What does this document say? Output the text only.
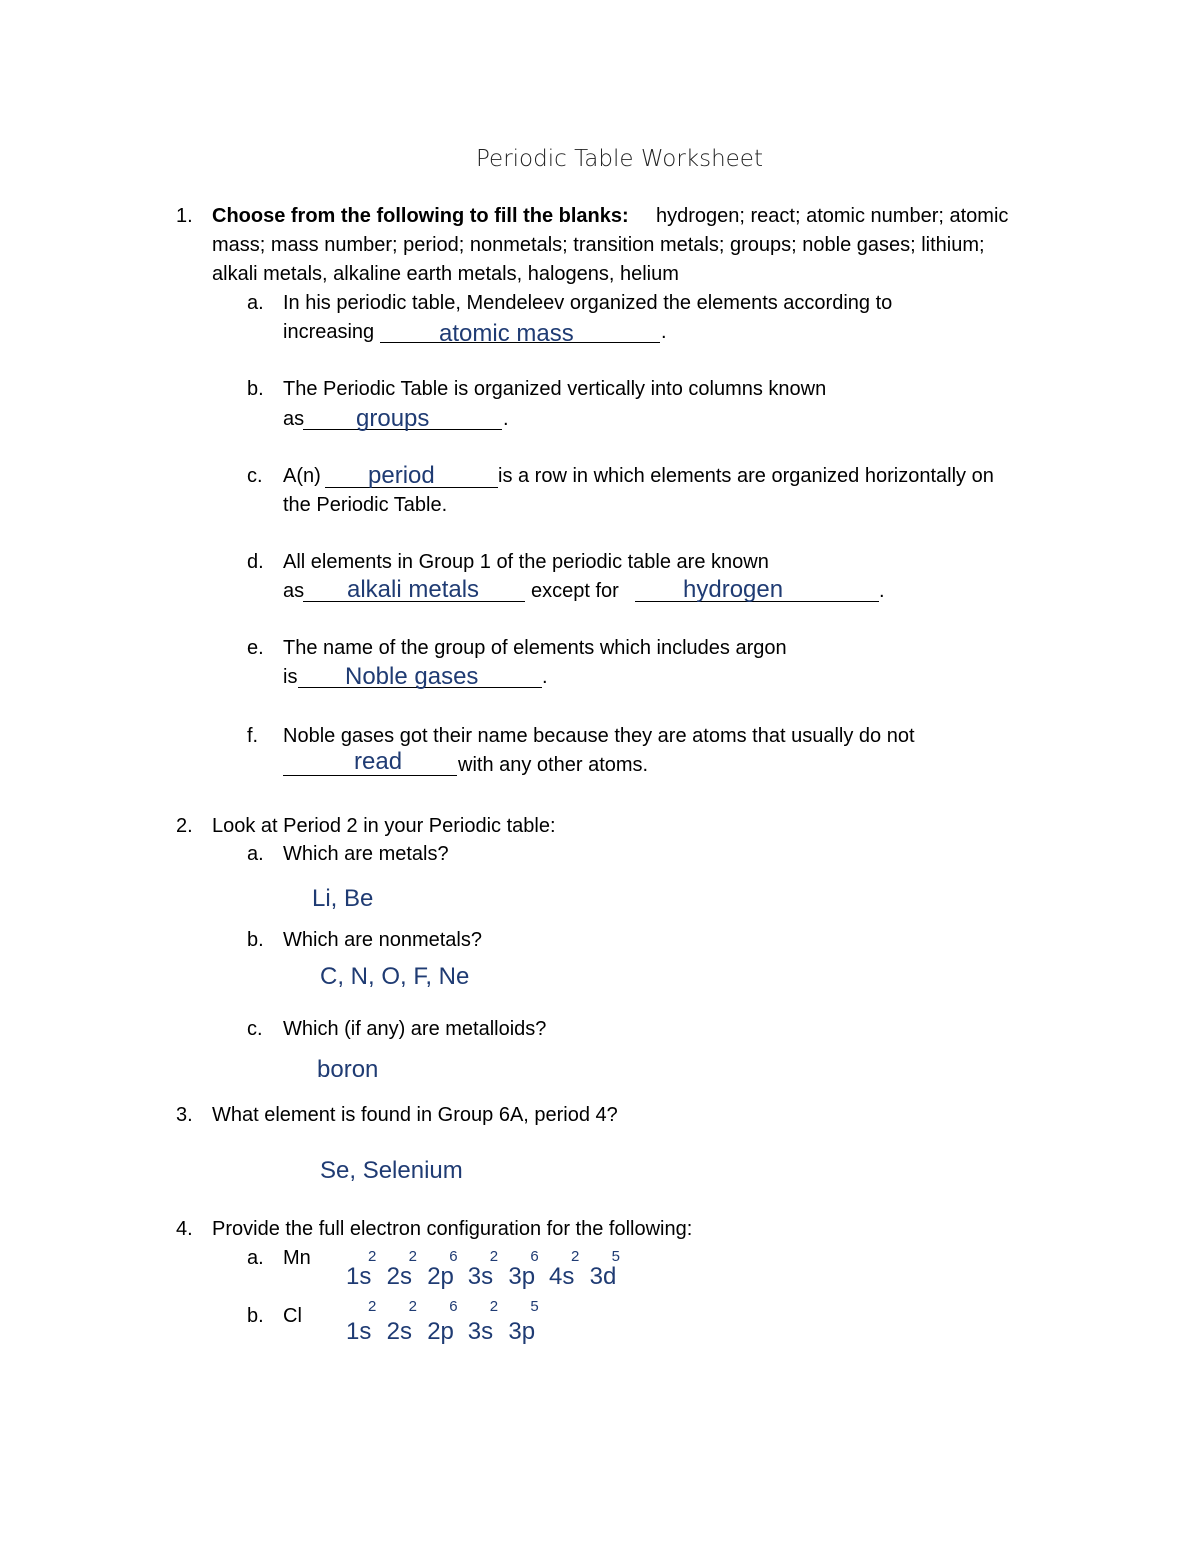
Periodic Table Worksheet
1. Choose from the following to fill the blanks: hydrogen; react; atomic number; atomic
mass; mass number; period; nonmetals; transition metals; groups; noble gases; lithium;
alkali metals, alkaline earth metals, halogens, helium
a. In his periodic table, Mendeleev organized the elements according to
increasing	atomic mass	.
b. The Periodic Table is organized vertically into columns known
as groups	.
c. A(n) period	is a row in which elements are organized horizontally on
the Periodic Table.
d. All elements in Group 1 of the periodic table are known
as alkali metals	except for	hydrogen	.
e. The name of the group of elements which includes argon
is Noble gases	.
f. Noble gases got their name because they are atoms that usually do not
read	with any other atoms.
2. Look at Period 2 in your Periodic table:
a. Which are metals?
Li, Be
b. Which are nonmetals?
C, N, O, F, Ne
c. Which (if any) are metalloids?
boron
3. What element is found in Group 6A, period 4?
Se, Selenium
4. Provide the full electron configuration for the following:
a. Mn
1s
2
2s
2
2p
6
3s
2
3p
6
4s
2
3d
5
b. Cl
1s
2
2s
2
2p
6
3s
2
3p
5
